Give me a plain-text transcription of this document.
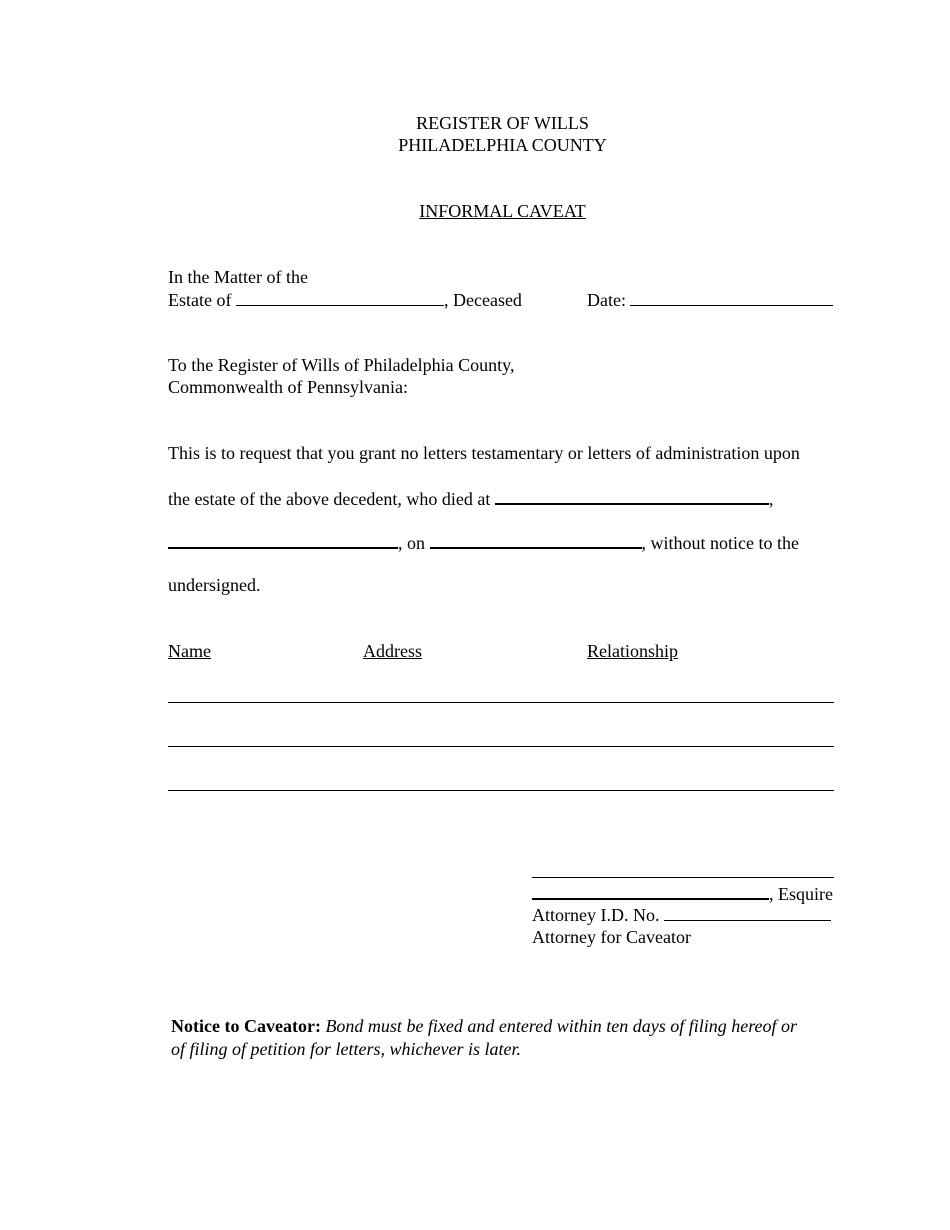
REGISTER OF WILLS
PHILADELPHIA COUNTY
INFORMAL CAVEAT
In the Matter of the
Estate of	, Deceased	Date:
To the Register of Wills of Philadelphia County,
Commonwealth of Pennsylvania:
This is to request that you grant no letters testamentary or letters of administration upon
the estate of the above decedent, who died at	,
, on	, without notice to the
undersigned.
Name	Address	Relationship
, Esquire
Attorney I.D. No.
Attorney for Caveator
Notice to Caveator: Bond must be fixed and entered within ten days of filing hereof or
of filing of petition for letters, whichever is later.
